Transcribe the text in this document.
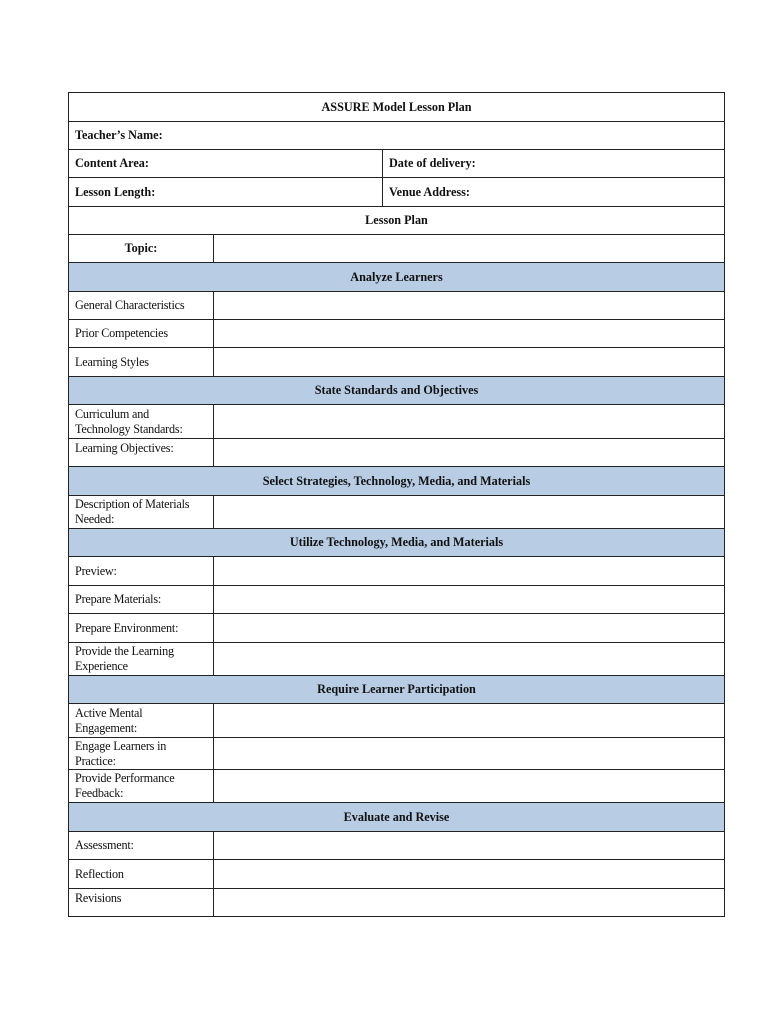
ASSURE Model Lesson Plan		
Teacher’s Name:		
Content Area:		Date of delivery:
Lesson Length:		Venue Address:
Lesson Plan		
Topic:		
Analyze Learners		
General Characteristics		
Prior Competencies		
Learning Styles		
State Standards and Objectives		
Curriculum and
Technology Standards:		
Learning Objectives:		
Select Strategies, Technology, Media, and Materials		
Description of Materials
Needed:		
Utilize Technology, Media, and Materials		
Preview:		
Prepare Materials:		
Prepare Environment:		
Provide the Learning
Experience		
Require Learner Participation		
Active Mental
Engagement:		
Engage Learners in
Practice:		
Provide Performance
Feedback:		
Evaluate and Revise		
Assessment:		
Reflection		
Revisions		
